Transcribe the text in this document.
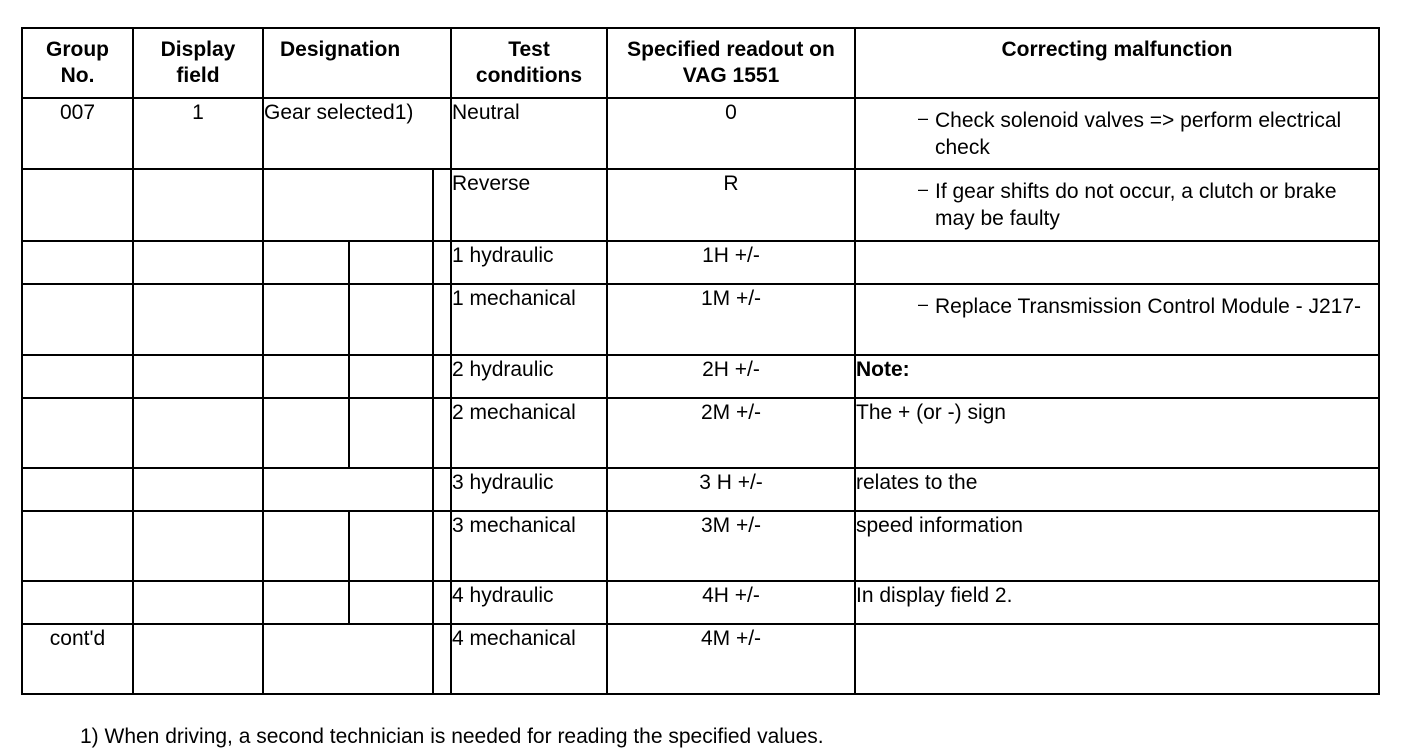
Group No.	Display field	Designation			Test conditions	Specified readout on VAG 1551	Correcting malfunction
007	1	Gear selected1)			Neutral	0	– Check solenoid valves => perform electrical check

					Reverse	R	– If gear shifts do not occur, a clutch or brake may be faulty

					1 hydraulic	1H +/-	
					1 mechanical	1M +/-	– Replace Transmission Control Module - J217-

					2 hydraulic	2H +/-	Note:
					2 mechanical	2M +/-	The + (or -) sign
					3 hydraulic	3 H +/-	relates to the
					3 mechanical	3M +/-	speed information
					4 hydraulic	4H +/-	In display field 2.
cont'd					4 mechanical	4M +/-	
1) When driving, a second technician is needed for reading the specified values.
